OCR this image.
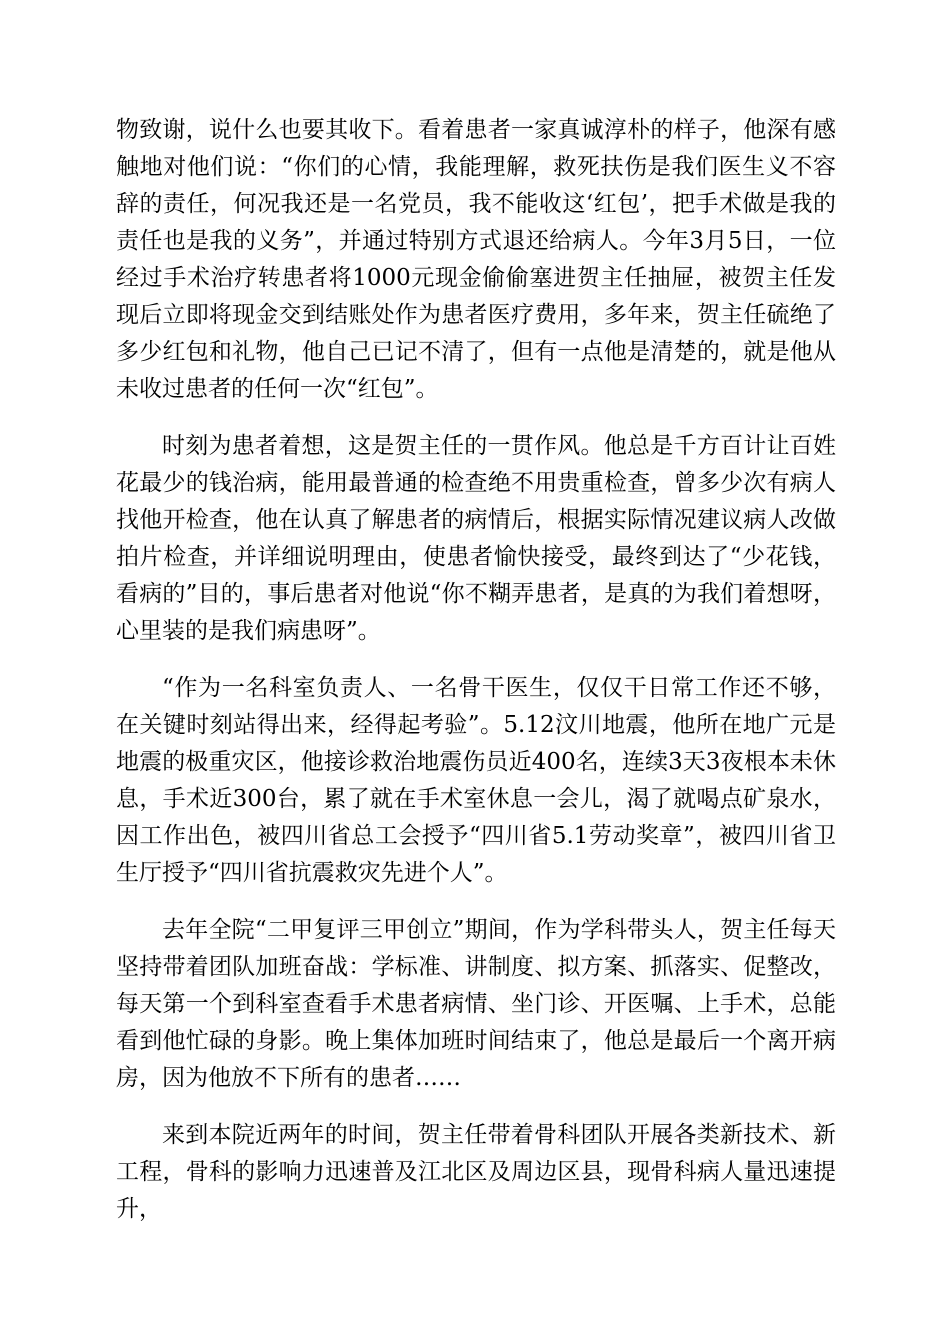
物致谢，说什么也要其收下。看着患者一家真诚淳朴的样子，他深有感触地对他们说：“你们的心情，我能理解，救死扶伤是我们医生义不容辞的责任，何况我还是一名党员，我不能收这‘红包’，把手术做是我的责任也是我的义务”，并通过特别方式退还给病人。今年3月5日，一位经过手术治疗转患者将1000元现金偷偷塞进贺主任抽屉，被贺主任发现后立即将现金交到结账处作为患者医疗费用，多年来，贺主任硫绝了多少红包和礼物，他自己已记不清了，但有一点他是清楚的，就是他从未收过患者的任何一次“红包”。

时刻为患者着想，这是贺主任的一贯作风。他总是千方百计让百姓花最少的钱治病，能用最普通的检查绝不用贵重检查，曾多少次有病人找他开检查，他在认真了解患者的病情后，根据实际情况建议病人改做拍片检查，并详细说明理由，使患者愉快接受，最终到达了“少花钱，看病的”目的，事后患者对他说“你不糊弄患者，是真的为我们着想呀，心里装的是我们病患呀”。

“作为一名科室负责人、一名骨干医生，仅仅干日常工作还不够，在关键时刻站得出来，经得起考验”。5.12汶川地震，他所在地广元是地震的极重灾区，他接诊救治地震伤员近400名，连续3天3夜根本未休息，手术近300台，累了就在手术室休息一会儿，渴了就喝点矿泉水，因工作出色，被四川省总工会授予“四川省5.1劳动奖章”，被四川省卫生厅授予“四川省抗震救灾先进个人”。

去年全院“二甲复评三甲创立”期间，作为学科带头人，贺主任每天坚持带着团队加班奋战：学标准、讲制度、拟方案、抓落实、促整改，每天第一个到科室查看手术患者病情、坐门诊、开医嘱、上手术，总能看到他忙碌的身影。晚上集体加班时间结束了，他总是最后一个离开病房，因为他放不下所有的患者……

来到本院近两年的时间，贺主任带着骨科团队开展各类新技术、新工程，骨科的影响力迅速普及江北区及周边区县，现骨科病人量迅速提升，
